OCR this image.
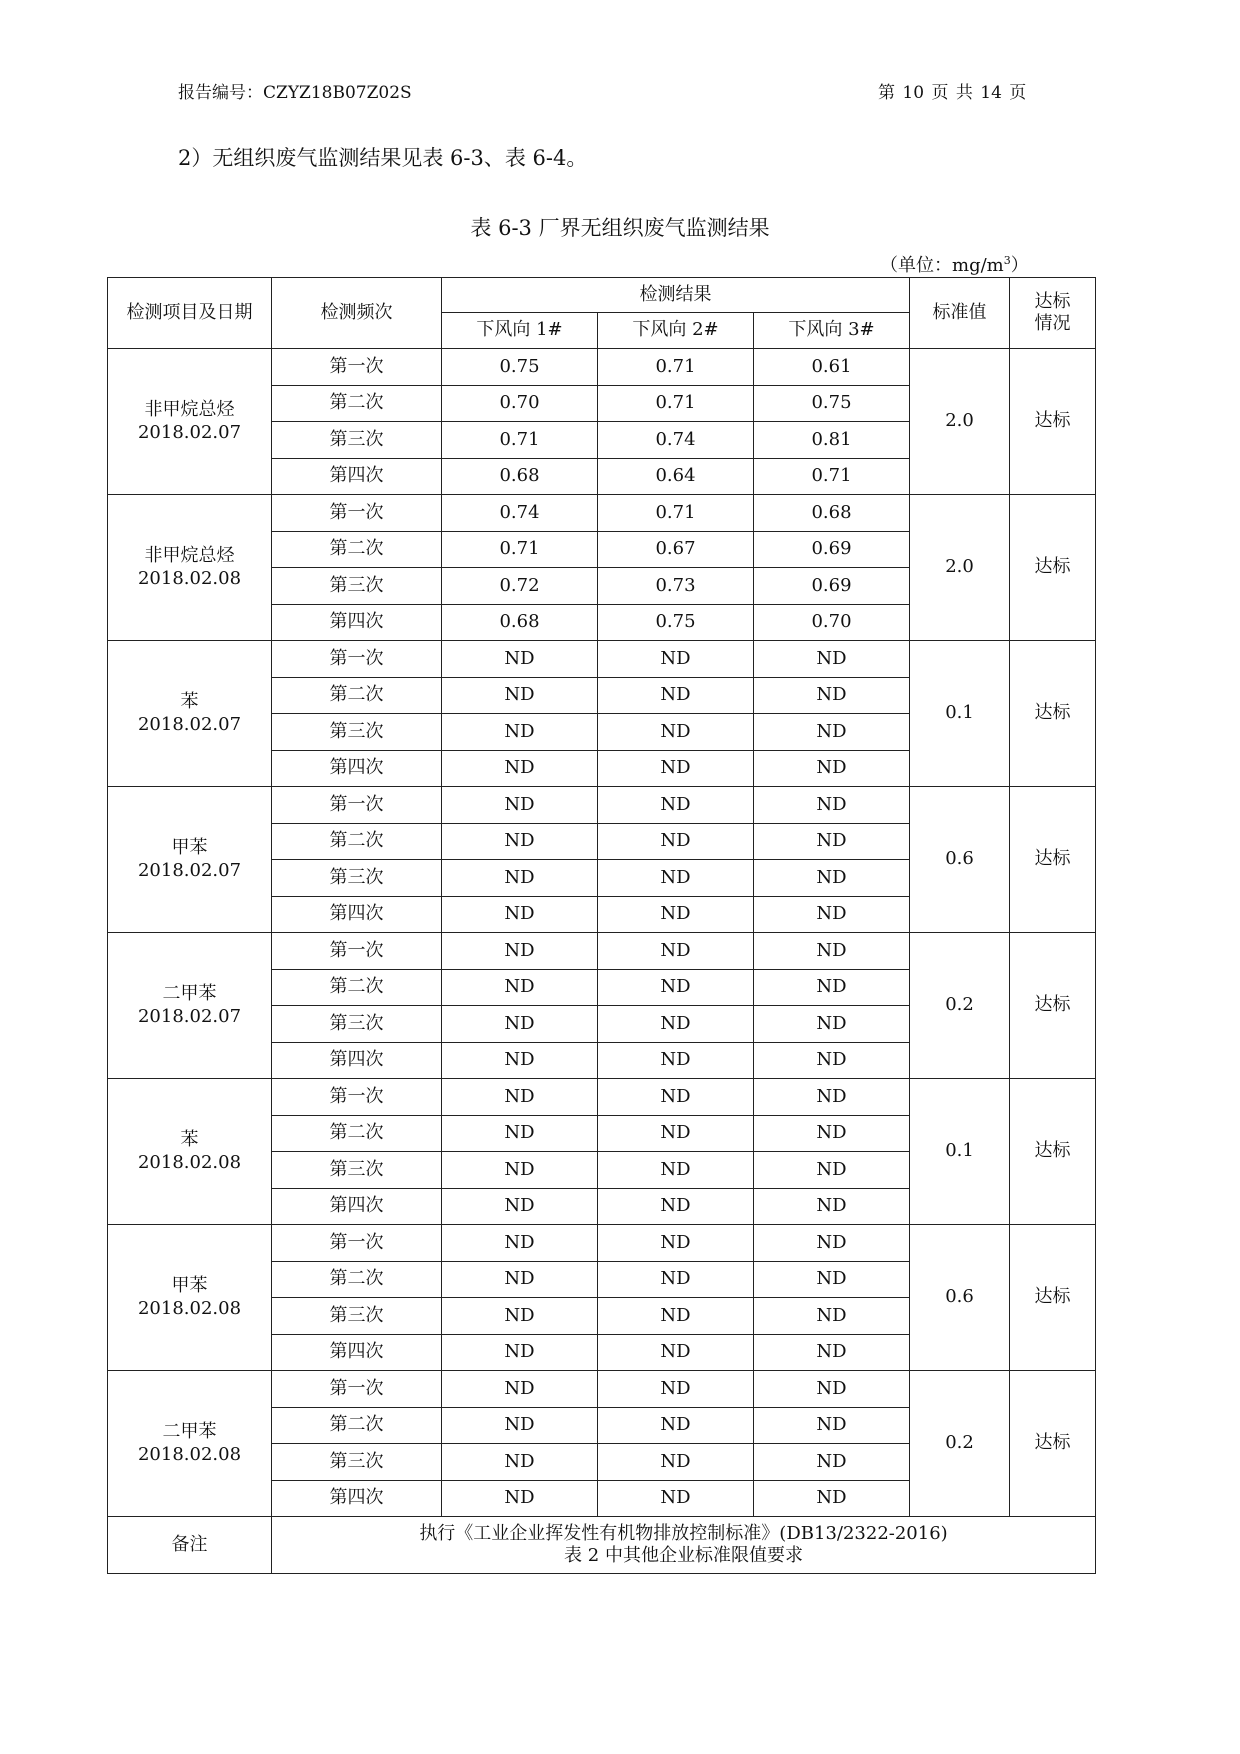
报告编号：CZYZ18B07Z02S	第 10 页 共 14 页
2）无组织废气监测结果见表 6-3、表 6-4。
表 6-3 厂界无组织废气监测结果
（单位：$mg/m^3$）
检测项目及日期	检测频次	检测结果			标准值	达标
情况
		下风向 1#	下风向 2#	下风向 3#		

非甲烷总烃
2018.02.07	第一次	0.75	0.71	0.61	2.0	达标
	第二次	0.70	0.71	0.75		
	第三次	0.71	0.74	0.81		
	第四次	0.68	0.64	0.71		

非甲烷总烃
2018.02.08	第一次	0.74	0.71	0.68	2.0	达标
	第二次	0.71	0.67	0.69		
	第三次	0.72	0.73	0.69		
	第四次	0.68	0.75	0.70		

苯
2018.02.07	第一次	ND	ND	ND	0.1	达标
	第二次	ND	ND	ND		
	第三次	ND	ND	ND		
	第四次	ND	ND	ND		

甲苯
2018.02.07	第一次	ND	ND	ND	0.6	达标
	第二次	ND	ND	ND		
	第三次	ND	ND	ND		
	第四次	ND	ND	ND		

二甲苯
2018.02.07	第一次	ND	ND	ND	0.2	达标
	第二次	ND	ND	ND		
	第三次	ND	ND	ND		
	第四次	ND	ND	ND		

苯
2018.02.08	第一次	ND	ND	ND	0.1	达标
	第二次	ND	ND	ND		
	第三次	ND	ND	ND		
	第四次	ND	ND	ND		

甲苯
2018.02.08	第一次	ND	ND	ND	0.6	达标
	第二次	ND	ND	ND		
	第三次	ND	ND	ND		
	第四次	ND	ND	ND		

二甲苯
2018.02.08	第一次	ND	ND	ND	0.2	达标
	第二次	ND	ND	ND		
	第三次	ND	ND	ND		
	第四次	ND	ND	ND		
备注	执行《工业企业挥发性有机物排放控制标准》(DB13/2322-2016)
表 2 中其他企业标准限值要求					
